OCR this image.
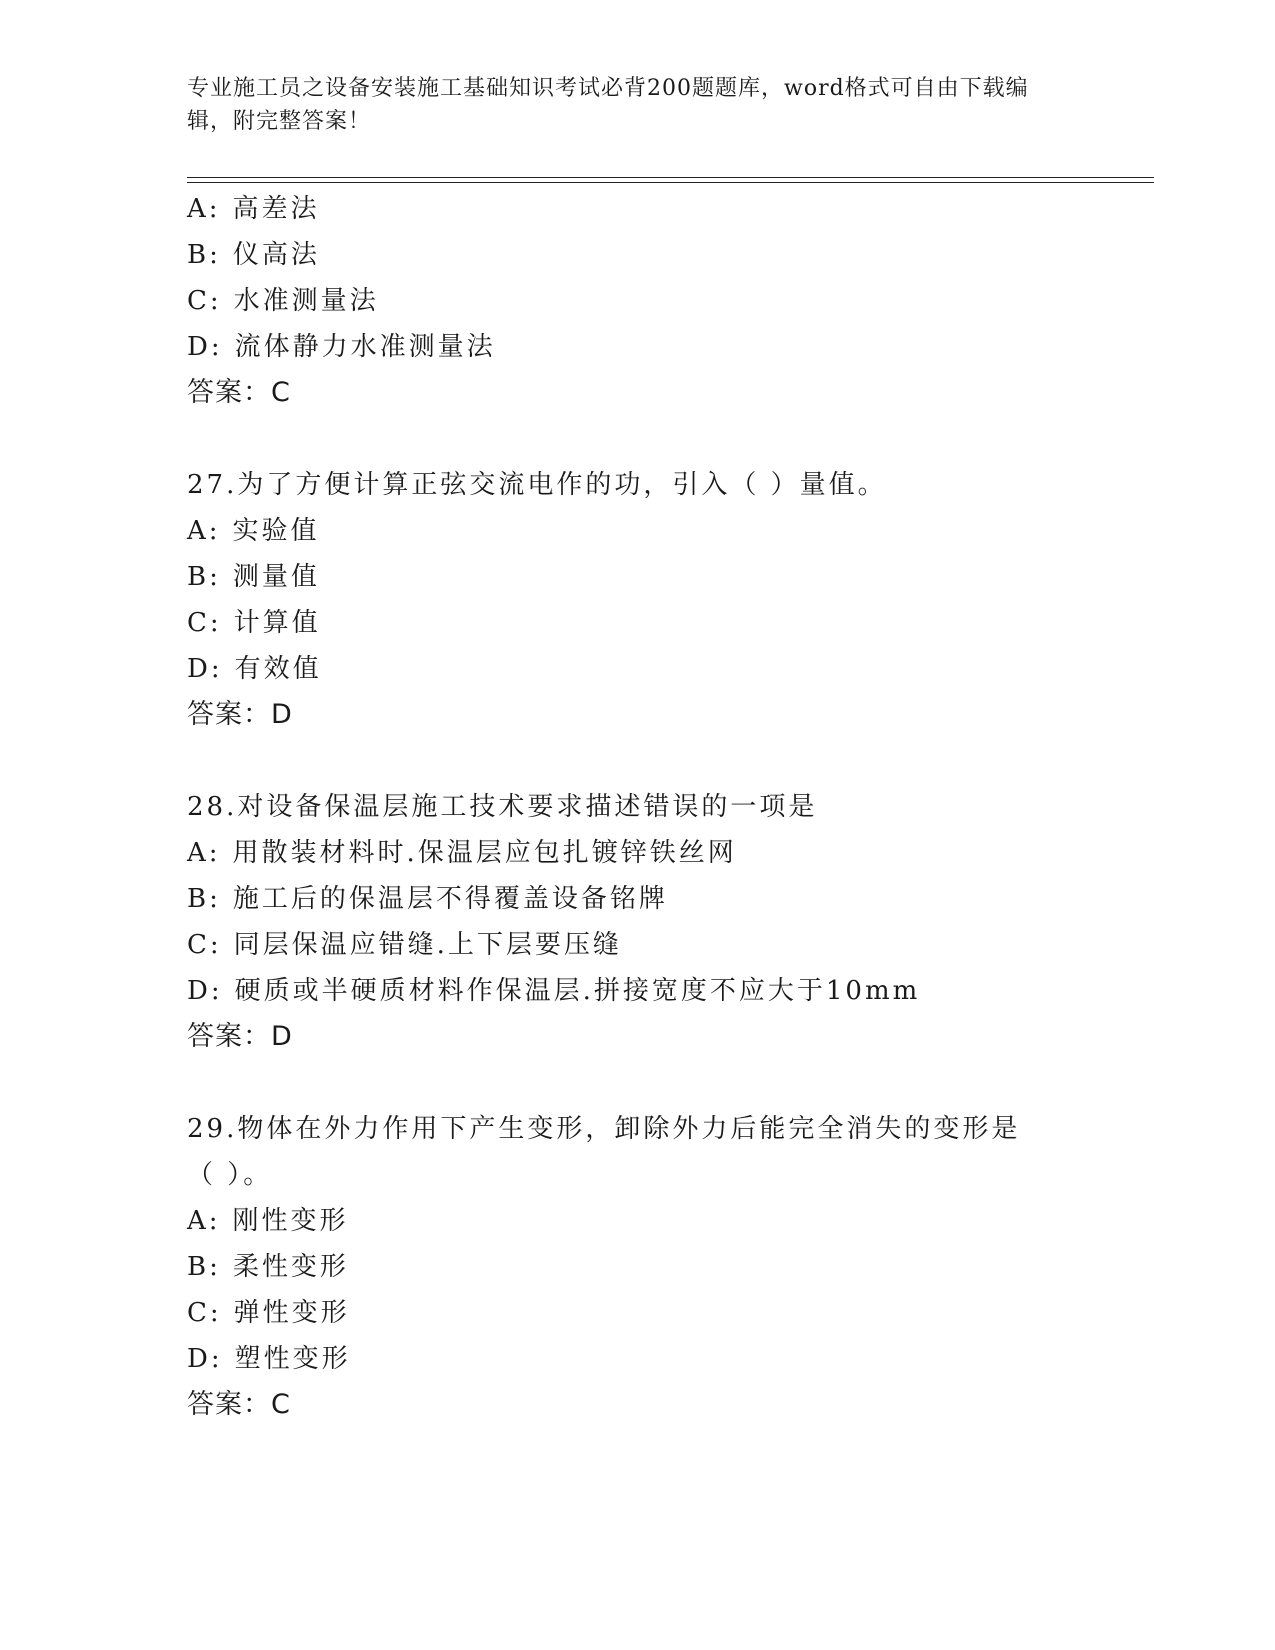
专业施工员之设备安装施工基础知识考试必背200题题库，word格式可自由下载编辑，附完整答案！
A: 高差法
B: 仪高法
C: 水准测量法
D: 流体静力水准测量法
答案：C
27.为了方便计算正弦交流电作的功，引入（ ）量值。
A: 实验值
B: 测量值
C: 计算值
D: 有效值
答案：D
28.对设备保温层施工技术要求描述错误的一项是
A: 用散装材料时.保温层应包扎镀锌铁丝网
B: 施工后的保温层不得覆盖设备铭牌
C: 同层保温应错缝.上下层要压缝
D: 硬质或半硬质材料作保温层.拼接宽度不应大于10mm
答案：D
29.物体在外力作用下产生变形，卸除外力后能完全消失的变形是（ ）。
A: 刚性变形
B: 柔性变形
C: 弹性变形
D: 塑性变形
答案：C
